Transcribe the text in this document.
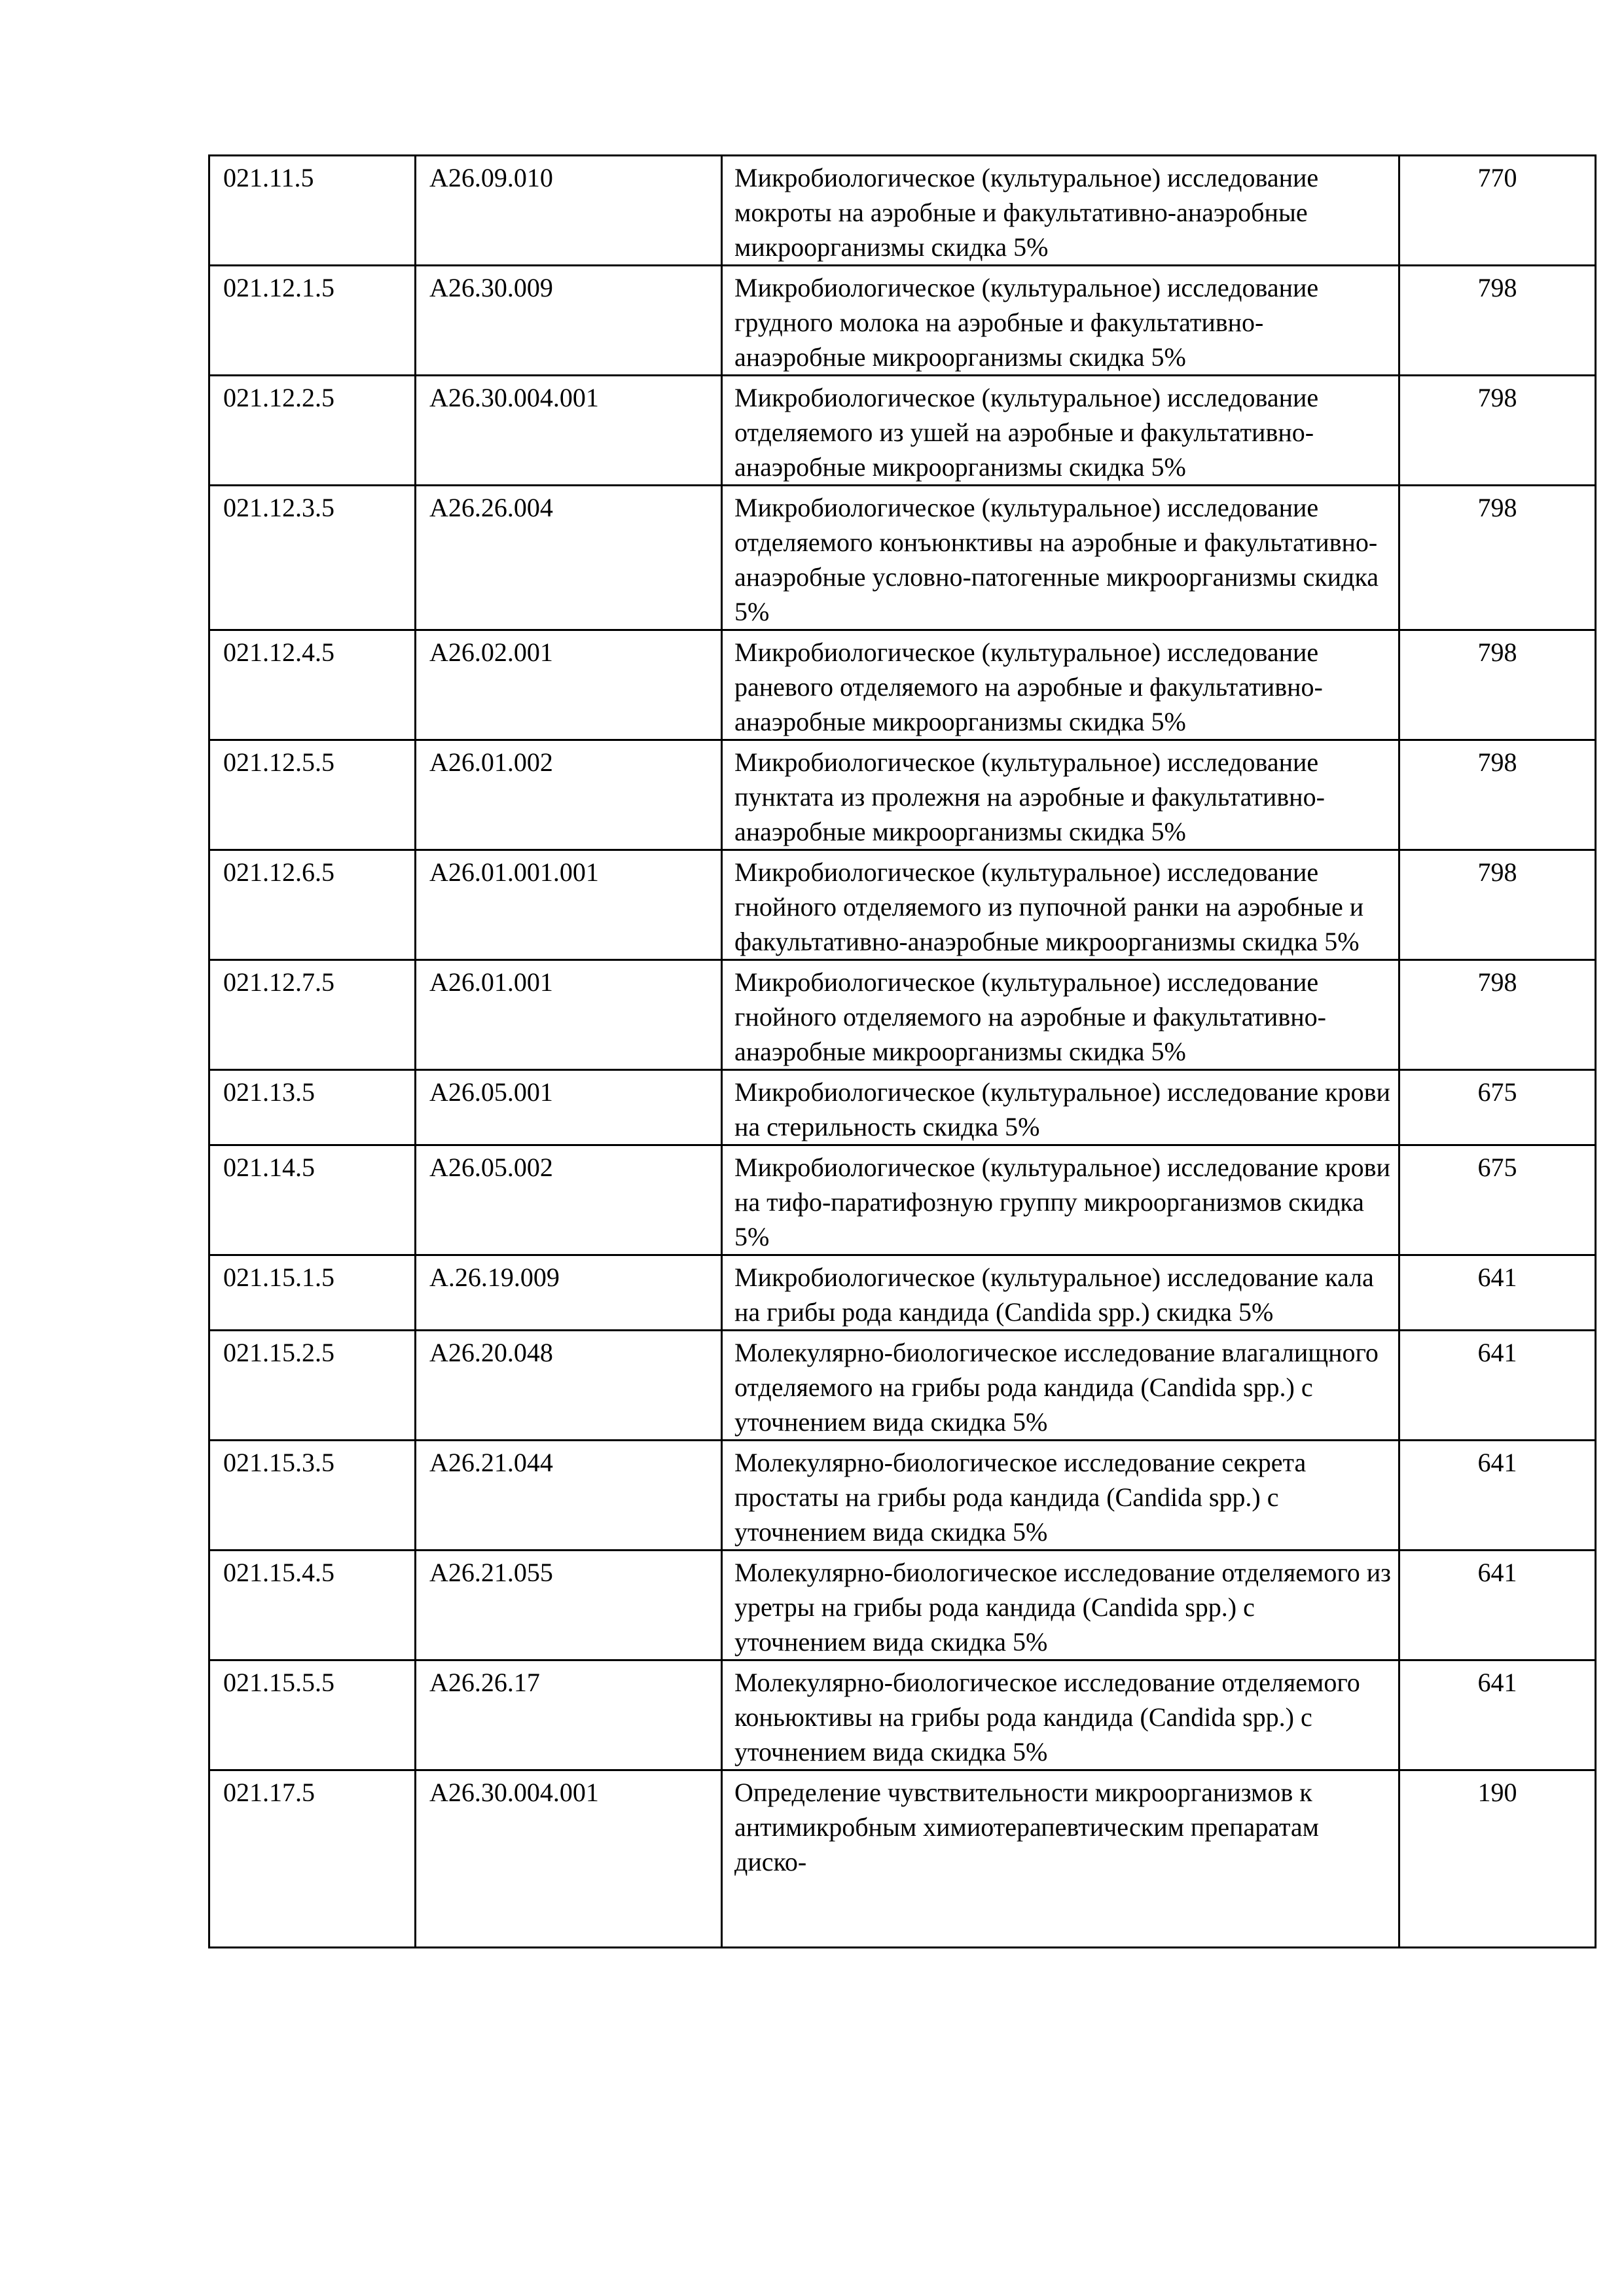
021.11.5	A26.09.010	Микробиологическое (культуральное) исследование мокроты на аэробные и факультативно-анаэробные микроорганизмы скидка 5%	770
021.12.1.5	A26.30.009	Микробиологическое (культуральное) исследование грудного молока на аэробные и факультативно-анаэробные микроорганизмы скидка 5%	798
021.12.2.5	A26.30.004.001	Микробиологическое (культуральное) исследование отделяемого из ушей на аэробные и факультативно-анаэробные микроорганизмы скидка 5%	798
021.12.3.5	A26.26.004	Микробиологическое (культуральное) исследование отделяемого конъюнктивы на аэробные и факультативно-анаэробные условно-патогенные микроорганизмы скидка 5%	798
021.12.4.5	A26.02.001	Микробиологическое (культуральное) исследование раневого отделяемого на аэробные и факультативно-анаэробные микроорганизмы скидка 5%	798
021.12.5.5	A26.01.002	Микробиологическое (культуральное) исследование пунктата из пролежня на аэробные и факультативно-анаэробные микроорганизмы скидка 5%	798
021.12.6.5	A26.01.001.001	Микробиологическое (культуральное) исследование гнойного отделяемого из пупочной ранки на аэробные и факультативно-анаэробные микроорганизмы скидка 5%	798
021.12.7.5	A26.01.001	Микробиологическое (культуральное) исследование гнойного отделяемого на аэробные и факультативно-анаэробные микроорганизмы скидка 5%	798
021.13.5	A26.05.001	Микробиологическое (культуральное) исследование крови на стерильность скидка 5%	675
021.14.5	A26.05.002	Микробиологическое (культуральное) исследование крови на тифо-паратифозную группу микроорганизмов скидка 5%	675
021.15.1.5	A.26.19.009	Микробиологическое (культуральное) исследование кала на грибы рода кандида (Candida spp.) скидка 5%	641
021.15.2.5	A26.20.048	Молекулярно-биологическое исследование влагалищного отделяемого на грибы рода кандида (Candida spp.) с уточнением вида скидка 5%	641
021.15.3.5	A26.21.044	Молекулярно-биологическое исследование секрета простаты на грибы рода кандида (Candida spp.) с уточнением вида скидка 5%	641
021.15.4.5	A26.21.055	Молекулярно-биологическое исследование отделяемого из уретры на грибы рода кандида (Candida spp.) с уточнением вида скидка 5%	641
021.15.5.5	A26.26.17	Молекулярно-биологическое исследование отделяемого коньюктивы на грибы рода кандида (Candida spp.) с уточнением вида скидка 5%	641
021.17.5	A26.30.004.001	Определение чувствительности микроорганизмов к антимикробным химиотерапевтическим препаратам диско-	190
